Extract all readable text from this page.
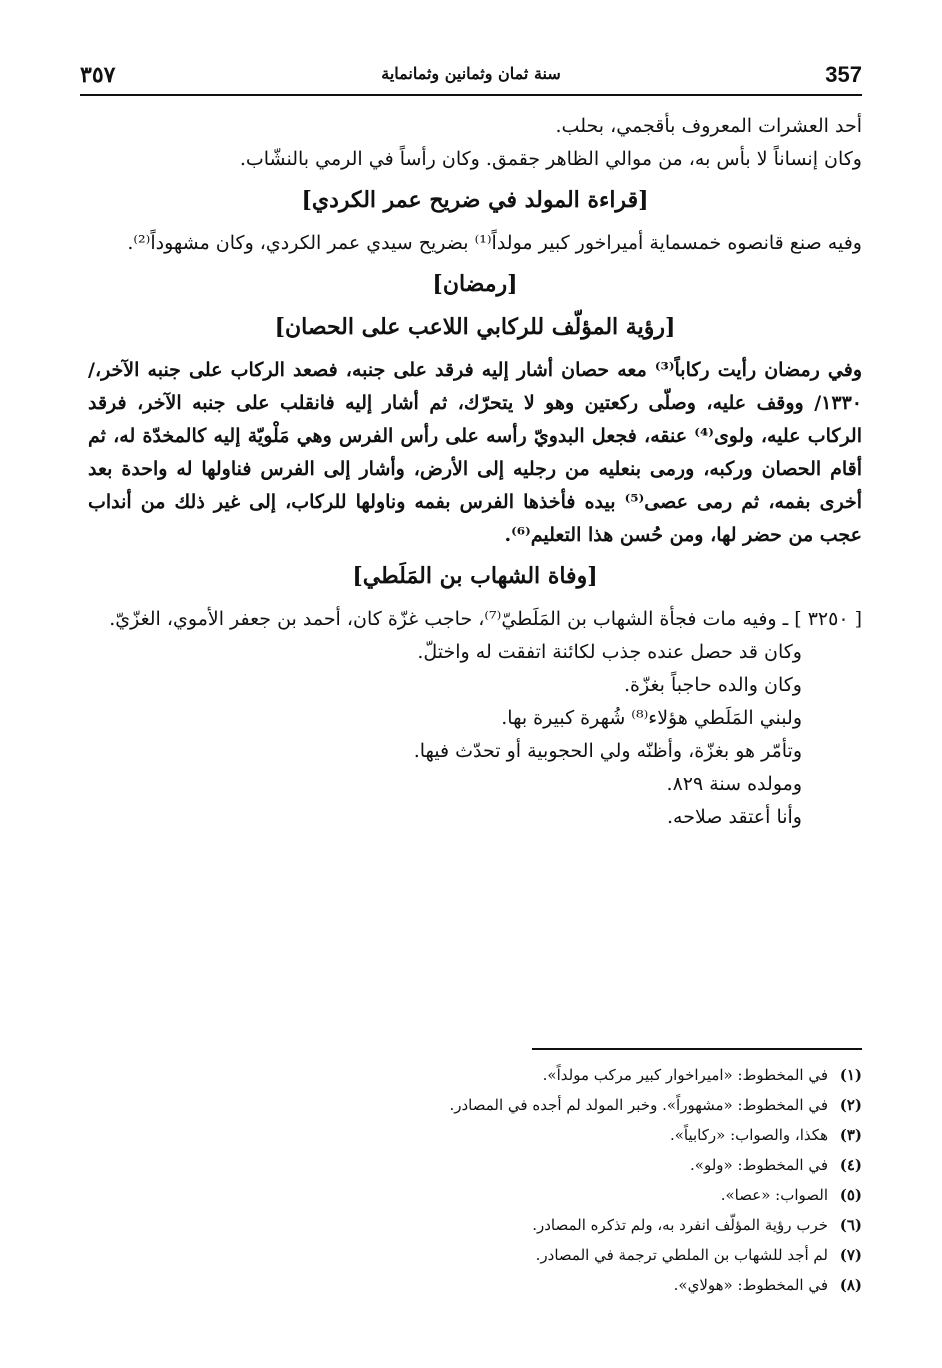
٣٥٧	سنة ثمان وثمانين وثمانماية	357

أحد العشرات المعروف بأقجمي، بحلب.

وكان إنساناً لا بأس به، من موالي الظاهر جقمق. وكان رأساً في الرمي بالنشّاب.

[قراءة المولد في ضريح عمر الكردي]

وفيه صنع قانصوه خمسماية أميراخور كبير مولداً⁽¹⁾ بضريح سيدي عمر الكردي، وكان مشهوداً⁽²⁾.

[رمضان]
[رؤية المؤلّف للركابي اللاعب على الحصان]

وفي رمضان رأيت ركاباً⁽³⁾ معه حصان أشار إليه فرقد على جنبه، فصعد الركاب على جنبه الآخر،/ ١٣٣٠/ ووقف عليه، وصلّى ركعتين وهو لا يتحرّك، ثم أشار إليه فانقلب على جنبه الآخر، فرقد الركاب عليه، ولوى⁽⁴⁾ عنقه، فجعل البدويّ رأسه على رأس الفرس وهي مَلْويّة إليه كالمخدّة له، ثم أقام الحصان وركبه، ورمى بنعليه من رجليه إلى الأرض، وأشار إلى الفرس فناولها له واحدة بعد أخرى بفمه، ثم رمى عصى⁽⁵⁾ بيده فأخذها الفرس بفمه وناولها للركاب، إلى غير ذلك من أنداب عجب من حضر لها، ومن حُسن هذا التعليم⁽⁶⁾.

[وفاة الشهاب بن المَلَطي]

[ ٣٢٥٠ ] ـ وفيه مات فجأة الشهاب بن المَلَطيّ⁽⁷⁾، حاجب غزّة كان، أحمد بن جعفر الأموي، الغزّيّ.

وكان قد حصل عنده جذب لكائنة اتفقت له واختلّ.

وكان والده حاجباً بغزّة.

ولبني المَلَطي هؤلاء⁽⁸⁾ شُهرة كبيرة بها.

وتأمّر هو بغزّة، وأظنّه ولي الحجوبية أو تحدّث فيها.

ومولده سنة ٨٢٩.

وأنا أعتقد صلاحه.

(١)في المخطوط: «اميراخوار كبير مركب مولداً».
(٢)في المخطوط: «مشهوراً». وخبر المولد لم أجده في المصادر.
(٣)هكذا، والصواب: «ركابياً».
(٤)في المخطوط: «ولو».
(٥)الصواب: «عصا».
(٦)خرب رؤية المؤلّف انفرد به، ولم تذكره المصادر.
(٧)لم أجد للشهاب بن الملطي ترجمة في المصادر.
(٨)في المخطوط: «هولاي».
